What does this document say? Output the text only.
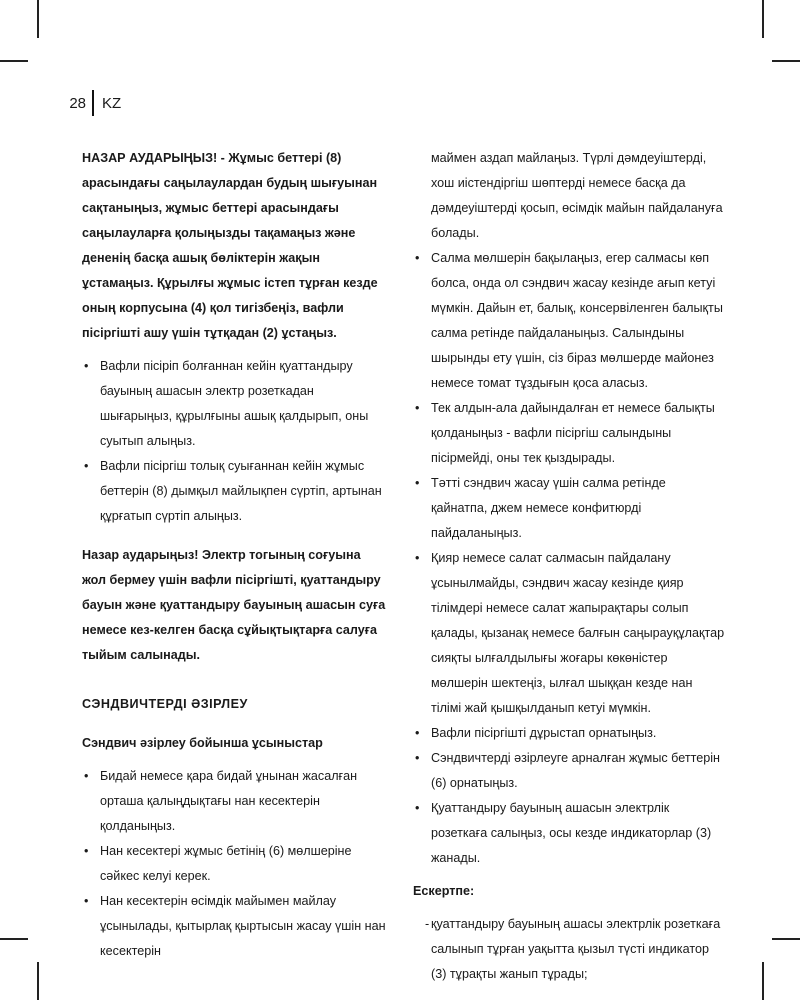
28 KZ

НАЗАР АУДАРЫҢЫЗ! - Жұмыс беттері (8) арасындағы саңылаулардан будың шығуынан сақтаныңыз, жұмыс беттері арасындағы саңылауларға қолыңызды тақамаңыз және дененің басқа ашық бөліктерін жақын ұстамаңыз. Құрылғы жұмыс істеп тұрған кезде оның корпусына (4) қол тигізбеңіз, вафли пісіргішті ашу үшін тұтқадан (2) ұстаңыз.

• Вафли пісіріп болғаннан кейін қуаттандыру бауының ашасын электр розеткадан шығарыңыз, құрылғыны ашық қалдырып, оны суытып алыңыз.
• Вафли пісіргіш толық суығаннан кейін жұмыс беттерін (8) дымқыл майлықпен сүртіп, артынан құрғатып сүртіп алыңыз.

Назар аударыңыз! Электр тогының соғуына жол бермеу үшін вафли пісіргішті, қуаттандыру бауын және қуаттандыру бауының ашасын суға немесе кез-келген басқа сұйықтықтарға салуға тыйым салынады.

СЭНДВИЧТЕРДІ ӘЗІРЛЕУ

Сэндвич әзірлеу бойынша ұсыныстар

• Бидай немесе қара бидай ұнынан жасалған орташа қалыңдықтағы нан кесектерін қолданыңыз.
• Нан кесектері жұмыс бетінің (6) мөлшеріне сәйкес келуі керек.
• Нан кесектерін өсімдік майымен майлау ұсынылады, қытырлақ қыртысын жасау үшін нан кесектерін

маймен аздап майлаңыз. Түрлі дәмдеуіштерді, хош иістендіргіш шөптерді немесе басқа да дәмдеуіштерді қосып, өсімдік майын пайдалануға болады.

• Салма мөлшерін бақылаңыз, егер салмасы көп болса, онда ол сэндвич жасау кезінде ағып кетуі мүмкін. Дайын ет, балық, консервіленген балықты салма ретінде пайдаланыңыз. Салындыны шырынды ету үшін, сіз біраз мөлшерде майонез немесе томат тұздығын қоса аласыз.
• Тек алдын-ала дайындалған ет немесе балықты қолданыңыз - вафли пісіргіш салындыны пісірмейді, оны тек қыздырады.
• Тәтті сэндвич жасау үшін салма ретінде қайнатпа, джем немесе конфитюрді пайдаланыңыз.
• Қияр немесе салат салмасын пайдалану ұсынылмайды, сэндвич жасау кезінде қияр тілімдері немесе салат жапырақтары солып қалады, қызанақ немесе балғын саңырауқұлақтар сияқты ылғалдылығы жоғары көкөністер мөлшерін шектеңіз, ылғал шыққан кезде нан тілімі жай қышқылданып кетуі мүмкін.
• Вафли пісіргішті дұрыстап орнатыңыз.
• Сэндвичтерді әзірлеуге арналған жұмыс беттерін (6) орнатыңыз.
• Қуаттандыру бауының ашасын электрлік розеткаға салыңыз, осы кезде индикаторлар (3) жанады.

Ескертпе:

- қуаттандыру бауының ашасы электрлік розеткаға салынып тұрған уақытта қызыл түсті индикатор (3) тұрақты жанып тұрады;
